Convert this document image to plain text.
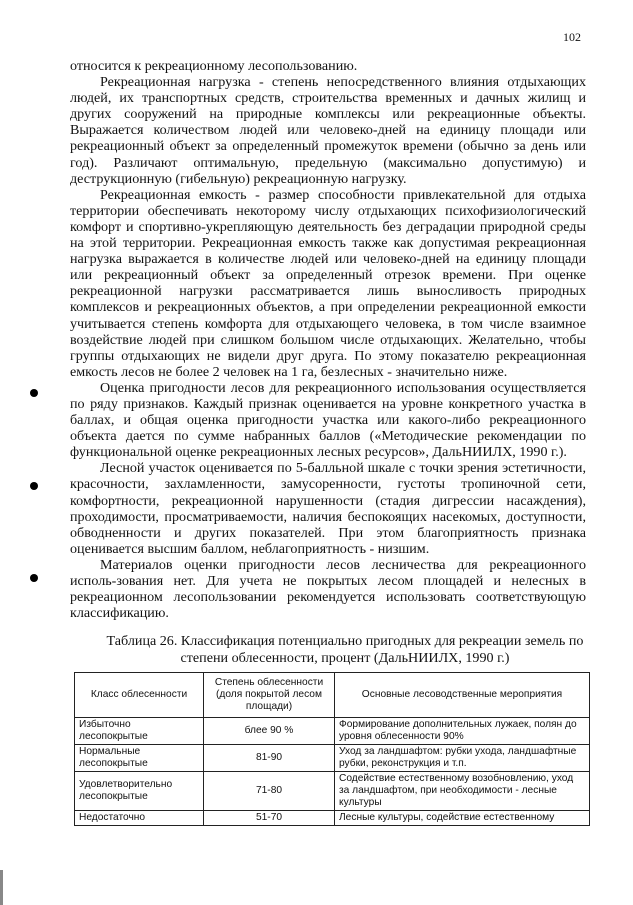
102

относится к рекреационному лесопользованию.

Рекреационная нагрузка - степень непосредственного влияния отдыхающих людей, их транспортных средств, строительства временных и дачных жилищ и других сооружений на природные комплексы или рекреационные объекты. Выражается количеством людей или человеко-дней на единицу площади или рекреационный объект за определенный промежуток времени (обычно за день или год). Различают оптимальную, предельную (максимально допустимую) и деструкционную (гибельную) рекреационную нагрузку.

Рекреационная емкость - размер способности привлекательной для отдыха территории обеспечивать некоторому числу отдыхающих психофизиологический комфорт и спортивно-укрепляющую деятельность без деградации природной среды на этой территории. Рекреационная емкость также как допустимая рекреационная нагрузка выражается в количестве людей или человеко-дней на единицу площади или рекреационный объект за определенный отрезок времени. При оценке рекреационной нагрузки рассматривается лишь выносливость природных комплексов и рекреационных объектов, а при определении рекреационной емкости учитывается степень комфорта для отдыхающего человека, в том числе взаимное воздействие людей при слишком большом числе отдыхающих. Желательно, чтобы группы отдыхающих не видели друг друга. По этому показателю рекреационная емкость лесов не более 2 человек на 1 га, безлесных - значительно ниже.

Оценка пригодности лесов для рекреационного использования осуществляется по ряду признаков. Каждый признак оценивается на уровне конкретного участка в баллах, и общая оценка пригодности участка или какого-либо рекреационного объекта дается по сумме набранных баллов («Методические рекомендации по функциональной оценке рекреационных лесных ресурсов», ДальНИИЛХ, 1990 г.).

Лесной участок оценивается по 5-балльной шкале с точки зрения эстетичности, красочности, захламленности, замусоренности, густоты тропиночной сети, комфортности, рекреационной нарушенности (стадия дигрессии насаждения), проходимости, просматриваемости, наличия беспокоящих насекомых, доступности, обводненности и других показателей. При этом благоприятность признака оценивается высшим баллом, неблагоприятность - низшим.

Материалов оценки пригодности лесов лесничества для рекреационного исполь-зования нет. Для учета не покрытых лесом площадей и нелесных в рекреационном лесопользовании рекомендуется использовать соответствующую классификацию.

Таблица 26. Классификация потенциально пригодных для рекреации земель по степени облесенности, процент (ДальНИИЛХ, 1990 г.)
Класс облесенности	Степень облесенности (доля покрытой лесом площади)	Основные лесоводственные мероприятия
Избыточно лесопокрытые	блее 90 %	Формирование дополнительных лужаек, полян до уровня облесенности 90%
Нормальные лесопокрытые	81-90	Уход за ландшафтом: рубки ухода, ландшафтные рубки, реконструкция и т.п.
Удовлетворительно лесопокрытые	71-80	Содействие естественному возобновлению, уход за ландшафтом, при необходимости - лесные культуры
Недостаточно	51-70	Лесные культуры, содействие естественному
